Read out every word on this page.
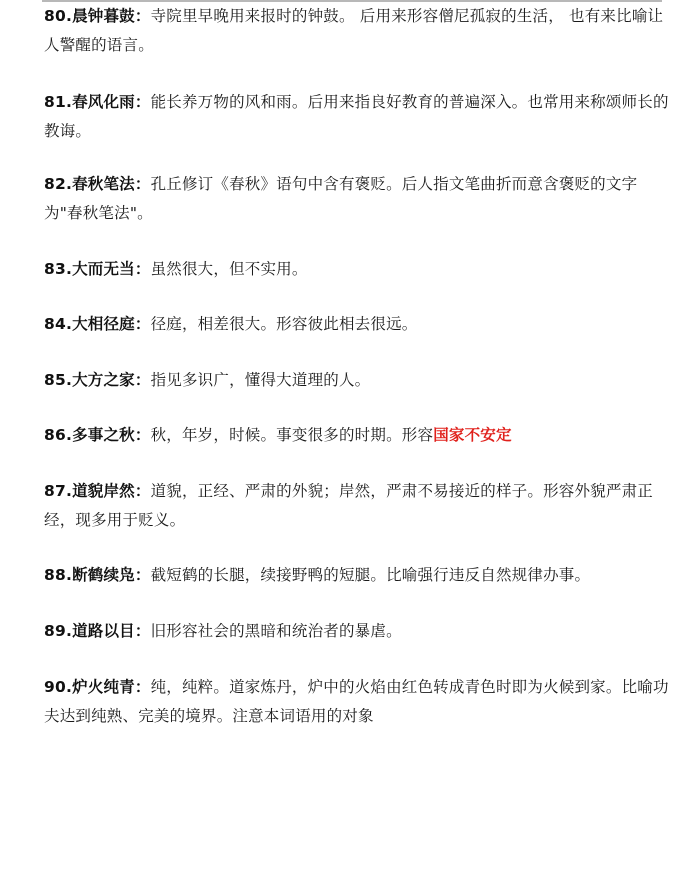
80.晨钟暮鼓：寺院里早晚用来报时的钟鼓。 后用来形容僧尼孤寂的生活， 也有来比喻让人警醒的语言。
81.春风化雨：能长养万物的风和雨。后用来指良好教育的普遍深入。也常用来称颂师长的教诲。
82.春秋笔法：孔丘修订《春秋》语句中含有褒贬。后人指文笔曲折而意含褒贬的文字为"春秋笔法"。
83.大而无当：虽然很大，但不实用。
84.大相径庭：径庭，相差很大。形容彼此相去很远。
85.大方之家：指见多识广，懂得大道理的人。
86.多事之秋：秋，年岁，时候。事变很多的时期。形容国家不安定
87.道貌岸然：道貌，正经、严肃的外貌；岸然，严肃不易接近的样子。形容外貌严肃正经，现多用于贬义。
88.断鹤续凫：截短鹤的长腿，续接野鸭的短腿。比喻强行违反自然规律办事。
89.道路以目：旧形容社会的黑暗和统治者的暴虐。
90.炉火纯青：纯，纯粹。道家炼丹，炉中的火焰由红色转成青色时即为火候到家。比喻功夫达到纯熟、完美的境界。注意本词语用的对象
